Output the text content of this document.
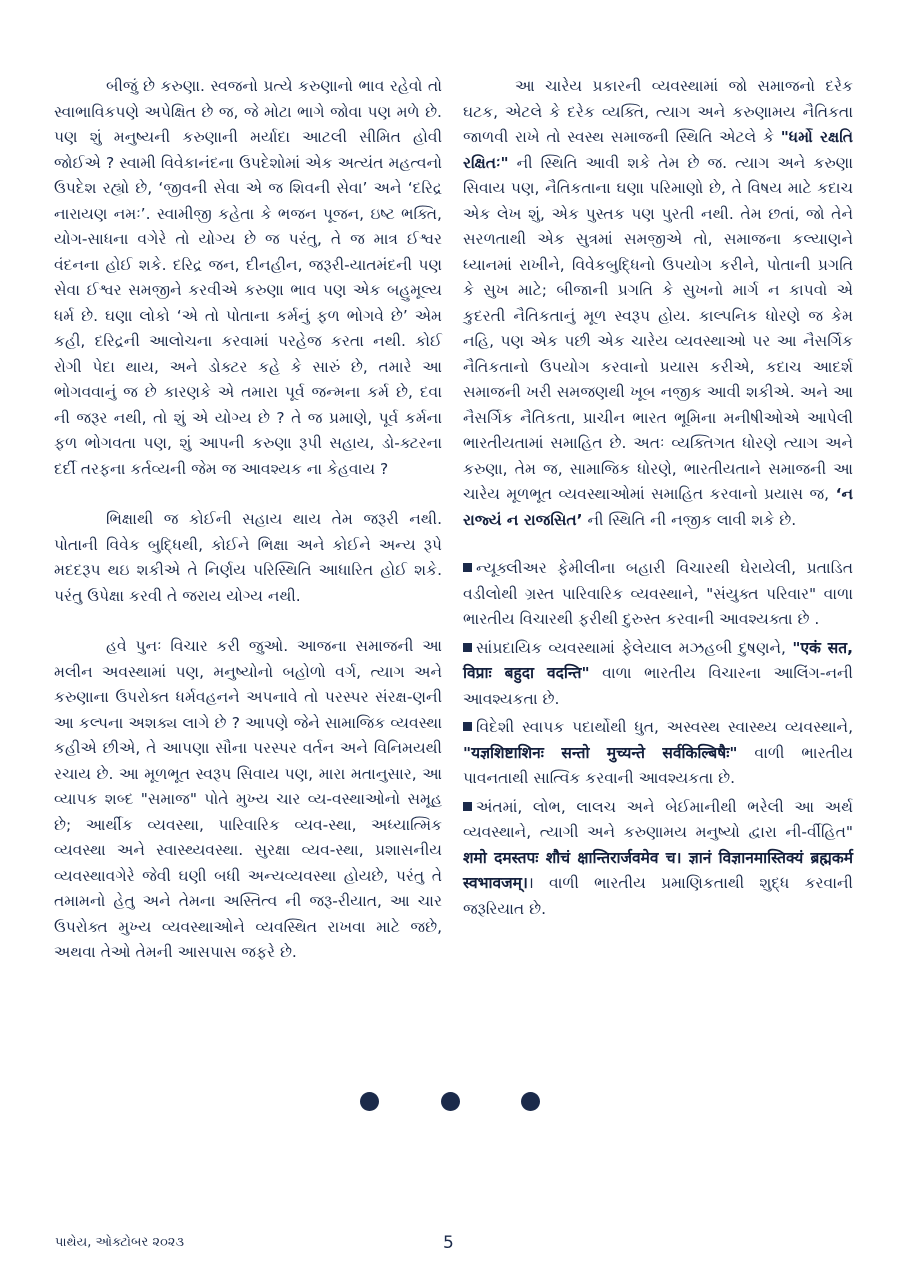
બીજું છે કરુણા. સ્વજનો પ્રત્યે કરુણાનો ભાવ રહેવો તો સ્વાભાવિકપણે અપેક્ષિત છે જ, જે મોટા ભાગે જોવા પણ મળે છે. પણ શું મનુષ્યની કરુણાની મર્યાદા આટલી સીમિત હોવી જોઈએ ? સ્વામી વિવેકાનંદના ઉપદેશોમાં એક અત્યંત મહત્વનો ઉપદેશ રહ્યો છે, ‘જીવની સેવા એ જ શિવની સેવા’ અને ‘દરિદ્ર નારાયણ નમઃ’. સ્વામીજી કહેતા કે ભજન પૂજન, ઇષ્ટ ભક્તિ, યોગ-સાધના વગેરે તો યોગ્ય છે જ પરંતુ, તે જ માત્ર ઈશ્વર વંદનના હોઈ શકે. દરિદ્ર જન, દીનહીન, જરૂરી-યાતમંદની પણ સેવા ઈશ્વર સમજીને કરવીએ કરુણા ભાવ પણ એક બહુમૂલ્ય ધર્મ છે. ઘણા લોકો ‘એ તો પોતાના કર્મનું ફળ ભોગવે છે’ એમ કહી, દરિદ્રની આલોચના કરવામાં પરહેજ કરતા નથી. કોઈ રોગી પેદા થાય, અને ડોક્ટર કહે કે સારું છે, તમારે આ ભોગવવાનું જ છે કારણકે એ તમારા પૂર્વ જન્મના કર્મ છે, દવા ની જરૂર નથી, તો શું એ યોગ્ય છે ? તે જ પ્રમાણે, પૂર્વ કર્મના ફળ ભોગવતા પણ, શું આપની કરુણા રૂપી સહાય, ડો-ક્ટરના દર્દી તરફના કર્તવ્યની જેમ જ આવશ્યક ના કેહવાય ?

ભિક્ષાથી જ કોઈની સહાય થાય તેમ જરૂરી નથી. પોતાની વિવેક બુદ્ધિથી, કોઈને ભિક્ષા અને કોઈને અન્ય રૂપે મદદરૂપ થઇ શકીએ તે નિર્ણય પરિસ્થિતિ આધારિત હોઈ શકે. પરંતુ ઉપેક્ષા કરવી તે જરાય યોગ્ય નથી.

હવે પુનઃ વિચાર કરી જુઓ. આજના સમાજની આ મલીન અવસ્થામાં પણ, મનુષ્યોનો બહોળો વર્ગ, ત્યાગ અને કરુણાના ઉપરોક્ત ધર્મવહનને અપનાવે તો પરસ્પર સંરક્ષ-ણની આ કલ્પના અશક્ય લાગે છે ? આપણે જેને સામાજિક વ્યવસ્થા કહીએ છીએ, તે આપણા સૌના પરસ્પર વર્તન અને વિનિમયથી રચાય છે. આ મૂળભૂત સ્વરૂપ સિવાય પણ, મારા મતાનુસાર, આ વ્યાપક શબ્દ "સમાજ" પોતે મુખ્ય ચાર વ્ય-વસ્થાઓનો સમૂહ છે; આર્થીક વ્યવસ્થા, પારિવારિક વ્યવ-સ્થા, અધ્યાત્મિક વ્યવસ્થા અને સ્વાસ્થ્યવસ્થા. સુરક્ષા વ્યવ-સ્થા, પ્રશાસનીય વ્યવસ્થાવગેરે જેવી ઘણી બધી અન્યવ્યવસ્થા હોયછે, પરંતુ તે તમામનો હેતુ અને તેમના અસ્તિત્વ ની જરૂ-રીયાત, આ ચાર ઉપરોક્ત મુખ્ય વ્યવસ્થાઓને વ્યવસ્થિત રાખવા માટે જછે, અથવા તેઓ તેમની આસપાસ જફરે છે.

આ ચારેય પ્રકારની વ્યવસ્થામાં જો સમાજનો દરેક ઘટક, એટલે કે દરેક વ્યક્તિ, ત્યાગ અને કરુણામય નૈતિકતા જાળવી રાખે તો સ્વસ્થ સમાજની સ્થિતિ એટલે કે "ધર્મો રક્ષતિ રક્ષિતઃ" ની સ્થિતિ આવી શકે તેમ છે જ. ત્યાગ અને કરુણા સિવાય પણ, નૈતિકતાના ઘણા પરિમાણો છે, તે વિષય માટે કદાચ એક લેખ શું, એક પુસ્તક પણ પુરતી નથી. તેમ છતાં, જો તેને સરળતાથી એક સુત્રમાં સમજીએ તો, સમાજના કલ્યાણને ધ્યાનમાં રાખીને, વિવેકબુદ્ધિનો ઉપયોગ કરીને, પોતાની પ્રગતિ કે સુખ માટે; બીજાની પ્રગતિ કે સુખનો માર્ગ ન કાપવો એ કુદરતી નૈતિકતાનું મૂળ સ્વરૂપ હોય. કાલ્પનિક ધોરણે જ કેમ નહિ, પણ એક પછી એક ચારેય વ્યવસ્થાઓ પર આ નૈસર્ગિક નૈતિકતાનો ઉપયોગ કરવાનો પ્રયાસ કરીએ, કદાચ આદર્શ સમાજની ખરી સમજણથી ખૂબ નજીક આવી શકીએ. અને આ નૈસર્ગિક નૈતિકતા, પ્રાચીન ભારત ભૂમિના મનીષીઓએ આપેલી ભારતીયતામાં સમાહિત છે. અતઃ વ્યક્તિગત ધોરણે ત્યાગ અને કરુણા, તેમ જ, સામાજિક ધોરણે, ભારતીયતાને સમાજની આ ચારેય મૂળભૂત વ્યવસ્થાઓમાં સમાહિત કરવાનો પ્રયાસ જ, ‘ન રાજ્યં ન રાજસિત’ ની સ્થિતિ ની નજીક લાવી શકે છે.

ન્યૂક્લીઅર ફેમીલીના બહારી વિચારથી ઘેરાયેલી, પ્રતાડિત વડીલોથી ગ્રસ્ત પારિવારિક વ્યવસ્થાને, "સંયુક્ત પરિવાર" વાળા ભારતીય વિચારથી ફરીથી દુરુસ્ત કરવાની આવશ્યક્તા છે .

સાંપ્રદાયિક વ્યવસ્થામાં ફેલેયાલ મઝહબી દુષણને, "एकं सत, विप्राः बहुदा वदन्ति" વાળા ભારતીય વિચારના આલિંગ-નની આવશ્યકતા છે.

વિદેશી સ્વાપક પદાર્થોથી ધુત, અસ્વસ્થ સ્વાસ્થ્ય વ્યવસ્થાને, "यज्ञशिष्टाशिनः सन्तो मुच्यन्ते सर्वकिल्बिषैः" વાળી ભારતીય પાવનતાથી સાત્વિક કરવાની આવશ્યકતા છે.

અંતમાં, લોભ, લાલચ અને બેઈમાનીથી ભરેલી આ અર્થ વ્યવસ્થાને, ત્યાગી અને કરુણામય મનુષ્યો દ્વારા ની-ર્વીહિત" शमो दमस्तपः शौचं क्षान्तिरार्जवमेव च। ज्ञानं विज्ञानमास्तिक्यं ब्रह्मकर्म स्वभावजम्।। વાળી ભારતીય પ્રમાણિકતાથી શુદ્ધ કરવાની જરૂરિયાત છે.

પાથેય, ઓક્ટોબર ૨૦૨૩	5
